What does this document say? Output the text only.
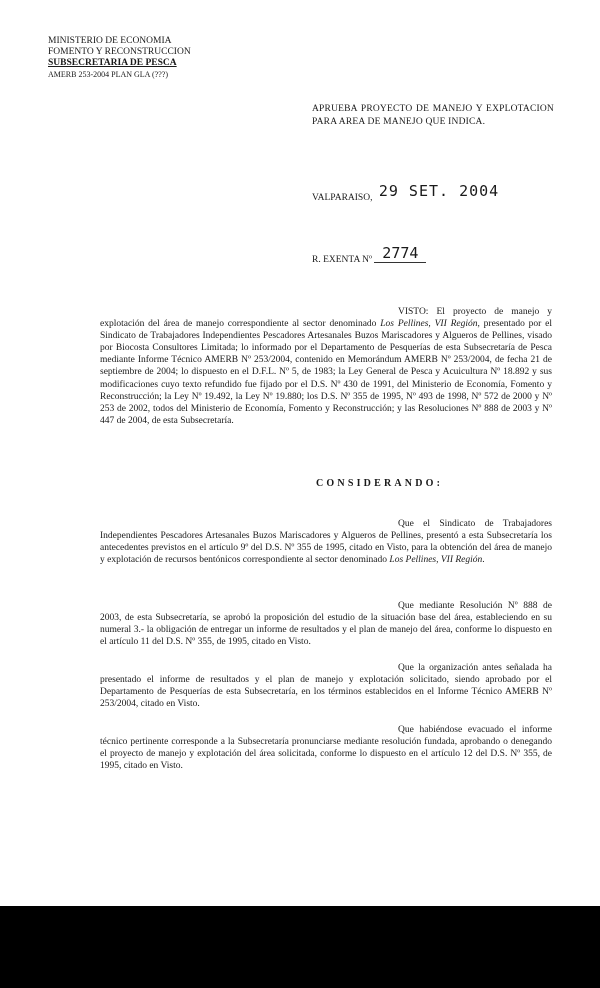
MINISTERIO DE ECONOMIA
FOMENTO Y RECONSTRUCCION
SUBSECRETARIA DE PESCA
AMERB 253-2004 PLAN GLA (???)
APRUEBA PROYECTO DE MANEJO Y EXPLOTACION PARA AREA DE MANEJO QUE INDICA.
VALPARAISO, 29 SET. 2004
R. EXENTA Nº 2774
VISTO: El proyecto de manejo y explotación del área de manejo correspondiente al sector denominado Los Pellines, VII Región, presentado por el Sindicato de Trabajadores Independientes Pescadores Artesanales Buzos Mariscadores y Algueros de Pellines, visado por Biocosta Consultores Limitada; lo informado por el Departamento de Pesquerías de esta Subsecretaría de Pesca mediante Informe Técnico AMERB Nº 253/2004, contenido en Memorándum AMERB Nº 253/2004, de fecha 21 de septiembre de 2004; lo dispuesto en el D.F.L. Nº 5, de 1983; la Ley General de Pesca y Acuicultura Nº 18.892 y sus modificaciones cuyo texto refundido fue fijado por el D.S. Nº 430 de 1991, del Ministerio de Economía, Fomento y Reconstrucción; la Ley Nº 19.492, la Ley Nº 19.880; los D.S. Nº 355 de 1995, Nº 493 de 1998, Nº 572 de 2000 y Nº 253 de 2002, todos del Ministerio de Economía, Fomento y Reconstrucción; y las Resoluciones Nº 888 de 2003 y Nº 447 de 2004, de esta Subsecretaría.
CONSIDERANDO:
Que el Sindicato de Trabajadores Independientes Pescadores Artesanales Buzos Mariscadores y Algueros de Pellines, presentó a esta Subsecretaría los antecedentes previstos en el artículo 9º del D.S. Nº 355 de 1995, citado en Visto, para la obtención del área de manejo y explotación de recursos bentónicos correspondiente al sector denominado Los Pellines, VII Región.
Que mediante Resolución Nº 888 de 2003, de esta Subsecretaría, se aprobó la proposición del estudio de la situación base del área, estableciendo en su numeral 3.- la obligación de entregar un informe de resultados y el plan de manejo del área, conforme lo dispuesto en el artículo 11 del D.S. Nº 355, de 1995, citado en Visto.
Que la organización antes señalada ha presentado el informe de resultados y el plan de manejo y explotación solicitado, siendo aprobado por el Departamento de Pesquerías de esta Subsecretaría, en los términos establecidos en el Informe Técnico AMERB Nº 253/2004, citado en Visto.
Que habiéndose evacuado el informe técnico pertinente corresponde a la Subsecretaría pronunciarse mediante resolución fundada, aprobando o denegando el proyecto de manejo y explotación del área solicitada, conforme lo dispuesto en el artículo 12 del D.S. Nº 355, de 1995, citado en Visto.
